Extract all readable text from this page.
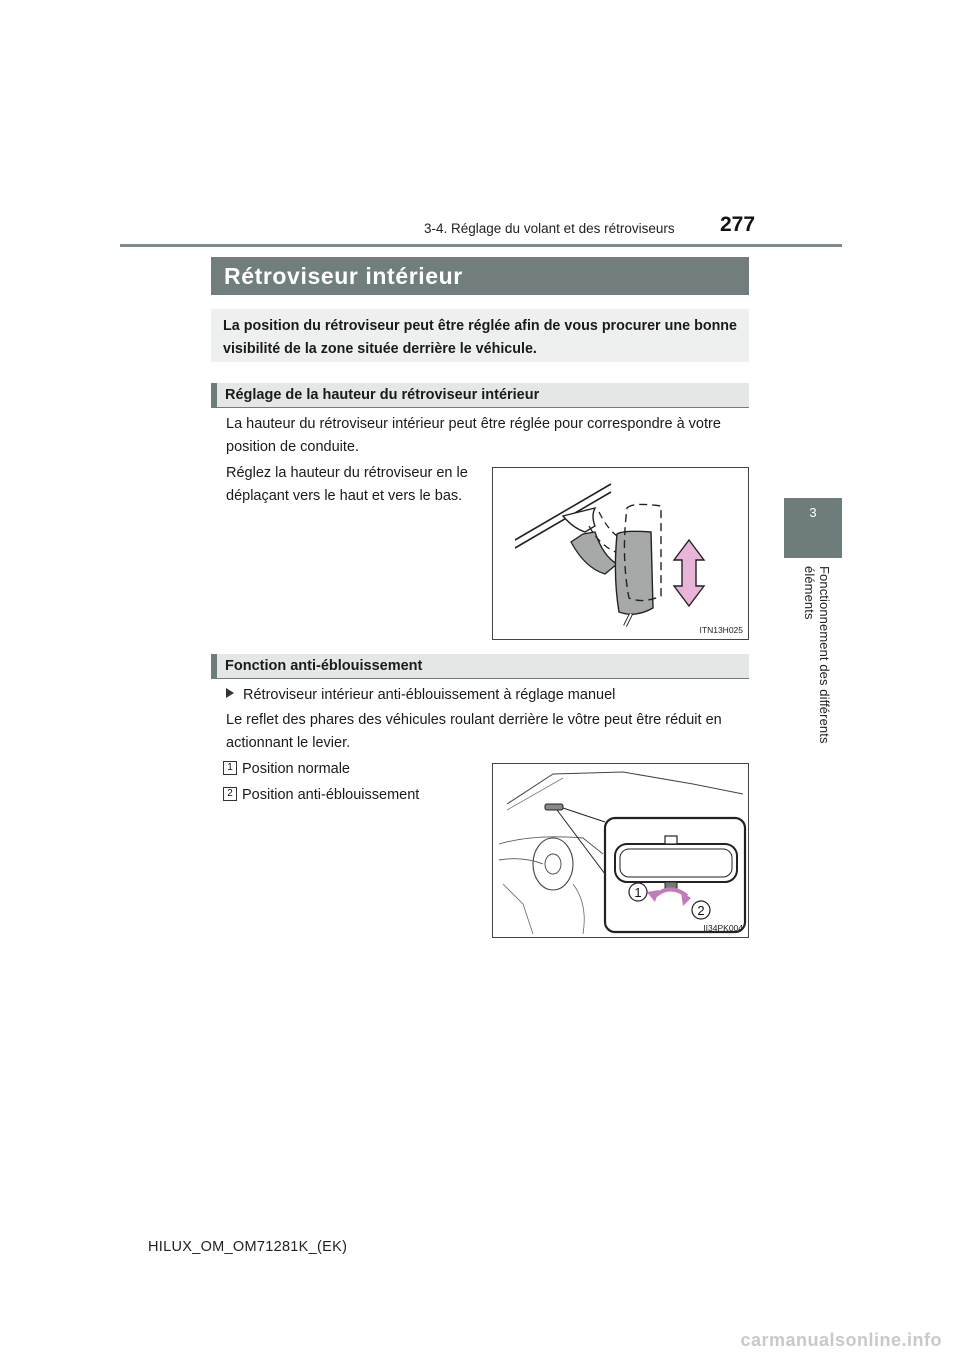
3-4. Réglage du volant et des rétroviseurs 277
3
Fonctionnement des différents éléments
Rétroviseur intérieur
La position du rétroviseur peut être réglée afin de vous procurer une bonne visibilité de la zone située derrière le véhicule.
Réglage de la hauteur du rétroviseur intérieur
La hauteur du rétroviseur intérieur peut être réglée pour correspondre à votre position de conduite.
Réglez la hauteur du rétroviseur en le déplaçant vers le haut et vers le bas.
ITN13H025
Fonction anti-éblouissement
Rétroviseur intérieur anti-éblouissement à réglage manuel
Le reflet des phares des véhicules roulant derrière le vôtre peut être réduit en actionnant le levier.
1 Position normale
2 Position anti-éblouissement
1
2
II34PK004
HILUX_OM_OM71281K_(EK)
carmanualsonline.info
